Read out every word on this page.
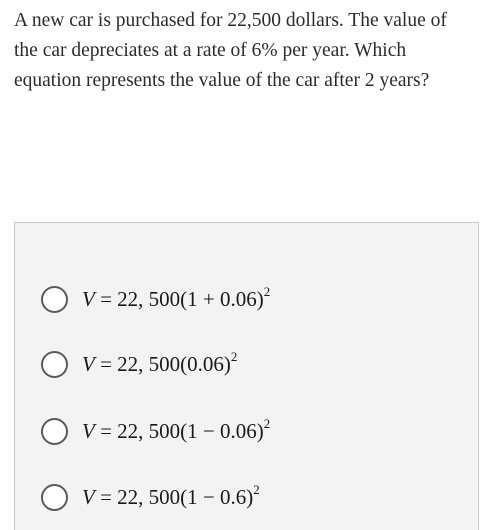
A new car is purchased for 22,500 dollars. The value of the car depreciates at a rate of 6% per year. Which equation represents the value of the car after 2 years?
V = 22, $500(1 + 0.06)^2$
V = 22, $500(0.06)^2$
V = 22, $500(1 - 0.06)^2$
V = 22, $500(1 - 0.6)^2$
